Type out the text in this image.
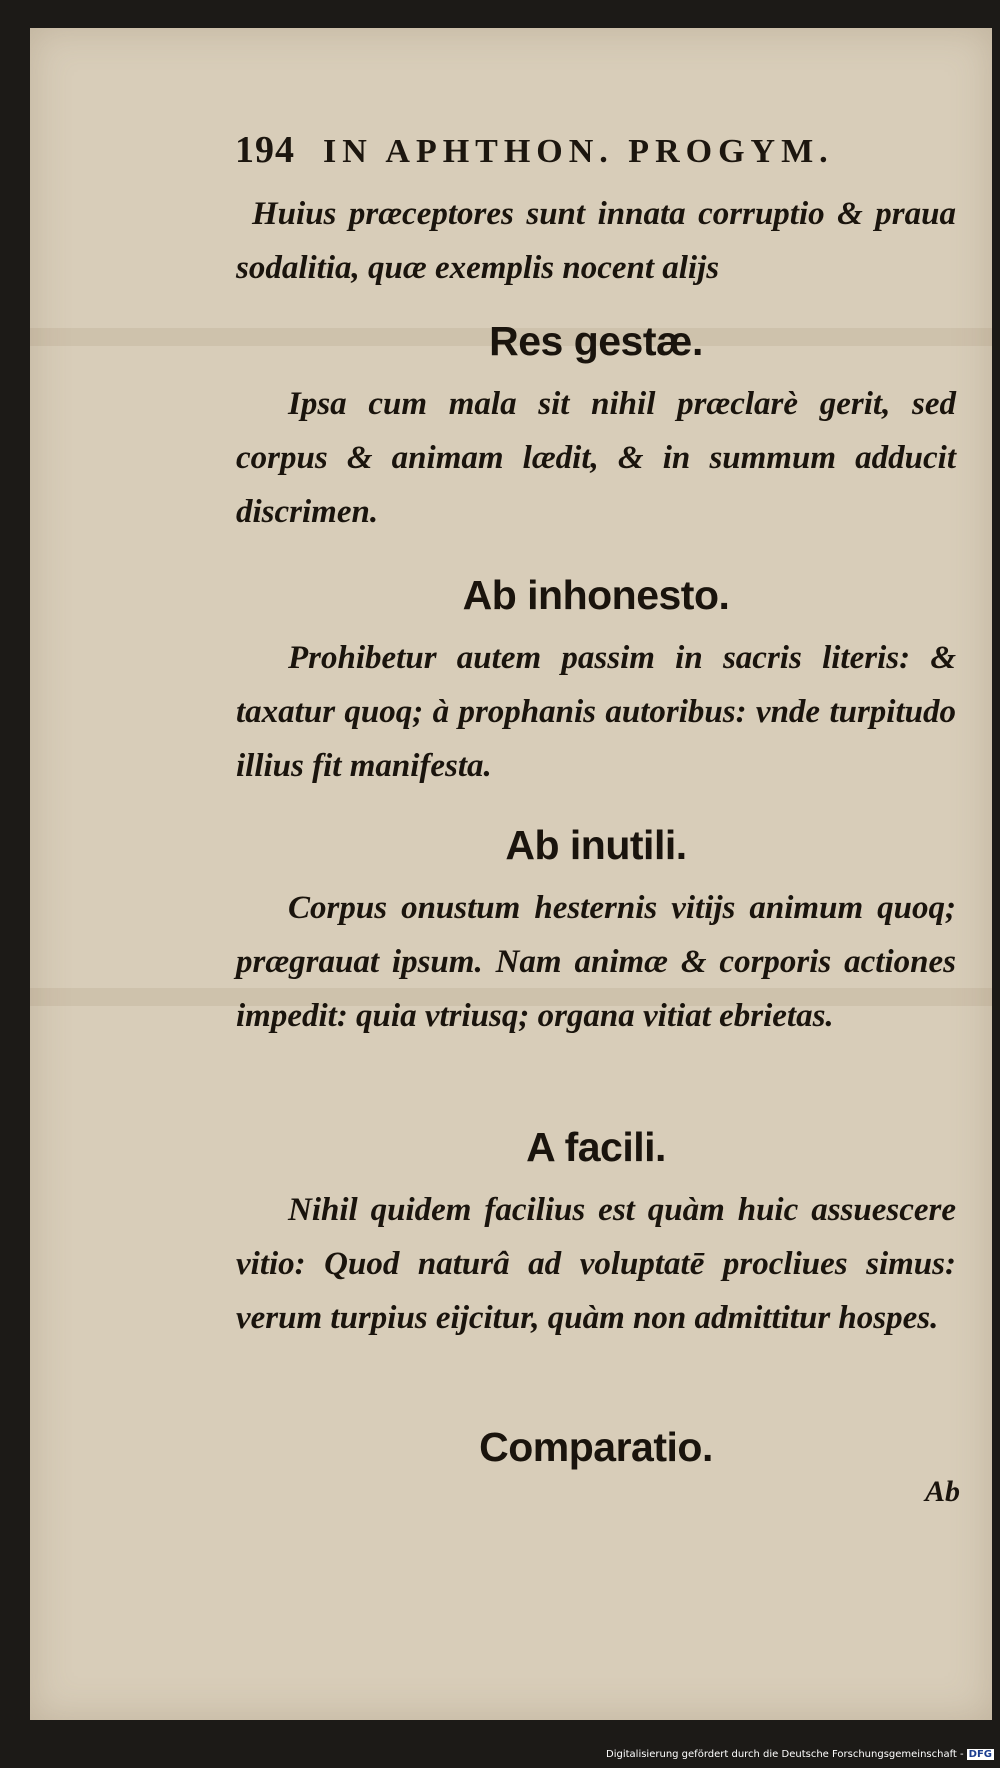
194 IN APHTHON. PROGYM.

Huius præceptores sunt innata corruptio & praua sodalitia, quæ exemplis nocent alijs

Res gestæ.

Ipsa cum mala sit nihil præclarè gerit, sed corpus & animam lædit, & in summum adducit discrimen.

Ab inhonesto.

Prohibetur autem passim in sacris literis: & taxatur quoq; à prophanis autoribus: vnde turpitudo illius fit manifesta.

Ab inutili.

Corpus onustum hesternis vitijs animum quoq; prægrauat ipsum. Nam animæ & corporis actiones impedit: quia vtriusq; organa vitiat ebrietas.

A facili.

Nihil quidem facilius est quàm huic assuescere vitio: Quod naturâ ad voluptatē procliues simus: verum turpius eijcitur, quàm non admittitur hospes.

Comparatio.
Ab
Digitalisierung gefördert durch die Deutsche Forschungsgemeinschaft - DFG
